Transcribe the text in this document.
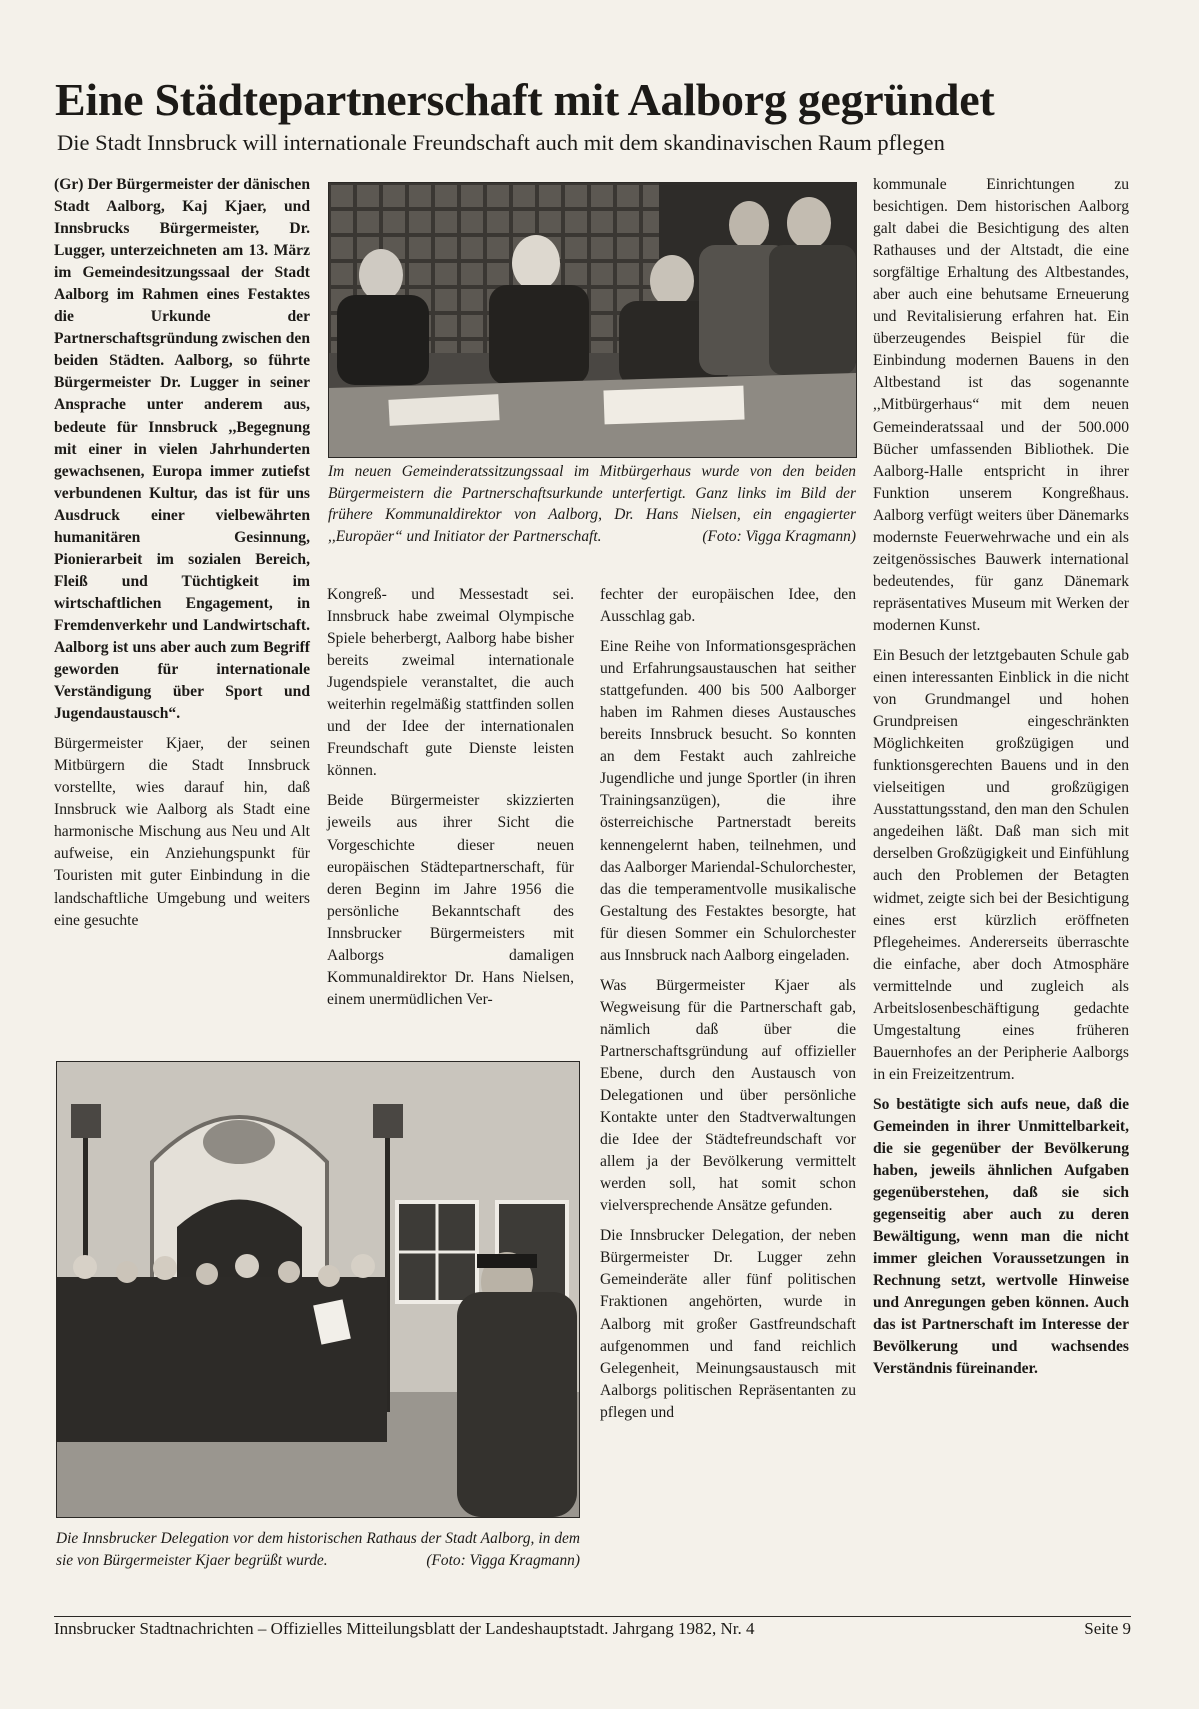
Eine Städtepartnerschaft mit Aalborg gegründet
Die Stadt Innsbruck will internationale Freundschaft auch mit dem skandinavischen Raum pflegen

(Gr) Der Bürgermeister der dänischen Stadt Aalborg, Kaj Kjaer, und Innsbrucks Bürgermeister, Dr. Lugger, unterzeichneten am 13. März im Gemeindesitzungssaal der Stadt Aalborg im Rahmen eines Festaktes die Urkunde der Partnerschaftsgründung zwischen den beiden Städten. Aalborg, so führte Bürgermeister Dr. Lugger in seiner Ansprache unter anderem aus, bedeute für Innsbruck ,,Begegnung mit einer in vielen Jahrhunderten gewachsenen, Europa immer zutiefst verbundenen Kultur, das ist für uns Ausdruck einer vielbewährten humanitären Gesinnung, Pionierarbeit im sozialen Bereich, Fleiß und Tüchtigkeit im wirtschaftlichen Engagement, in Fremdenverkehr und Landwirtschaft. Aalborg ist uns aber auch zum Begriff geworden für internationale Verständigung über Sport und Jugendaustausch“.

Bürgermeister Kjaer, der seinen Mitbürgern die Stadt Innsbruck vorstellte, wies darauf hin, daß Innsbruck wie Aalborg als Stadt eine harmonische Mischung aus Neu und Alt aufweise, ein Anziehungspunkt für Touristen mit guter Einbindung in die landschaftliche Umgebung und weiters eine gesuchte

Im neuen Gemeinderatssitzungssaal im Mitbürgerhaus wurde von den beiden Bürgermeistern die Partnerschaftsurkunde unterfertigt. Ganz links im Bild der frühere Kommunaldirektor von Aalborg, Dr. Hans Nielsen, ein engagierter ,,Europäer“ und Initiator der Partnerschaft.	(Foto: Vigga Kragmann)

Kongreß- und Messestadt sei. Innsbruck habe zweimal Olympische Spiele beherbergt, Aalborg habe bisher bereits zweimal internationale Jugendspiele veranstaltet, die auch weiterhin regelmäßig stattfinden sollen und der Idee der internationalen Freundschaft gute Dienste leisten können.

Beide Bürgermeister skizzierten jeweils aus ihrer Sicht die Vorgeschichte dieser neuen europäischen Städtepartnerschaft, für deren Beginn im Jahre 1956 die persönliche Bekanntschaft des Innsbrucker Bürgermeisters mit Aalborgs damaligen Kommunaldirektor Dr. Hans Nielsen, einem unermüdlichen Ver-

fechter der europäischen Idee, den Ausschlag gab.

Eine Reihe von Informationsgesprächen und Erfahrungsaustauschen hat seither stattgefunden. 400 bis 500 Aalborger haben im Rahmen dieses Austausches bereits Innsbruck besucht. So konnten an dem Festakt auch zahlreiche Jugendliche und junge Sportler (in ihren Trainingsanzügen), die ihre österreichische Partnerstadt bereits kennengelernt haben, teilnehmen, und das Aalborger Mariendal-Schulorchester, das die temperamentvolle musikalische Gestaltung des Festaktes besorgte, hat für diesen Sommer ein Schulorchester aus Innsbruck nach Aalborg eingeladen.

Was Bürgermeister Kjaer als Wegweisung für die Partnerschaft gab, nämlich daß über die Partnerschaftsgründung auf offizieller Ebene, durch den Austausch von Delegationen und über persönliche Kontakte unter den Stadtverwaltungen die Idee der Städtefreundschaft vor allem ja der Bevölkerung vermittelt werden soll, hat somit schon vielversprechende Ansätze gefunden.

Die Innsbrucker Delegation, der neben Bürgermeister Dr. Lugger zehn Gemeinderäte aller fünf politischen Fraktionen angehörten, wurde in Aalborg mit großer Gastfreundschaft aufgenommen und fand reichlich Gelegenheit, Meinungsaustausch mit Aalborgs politischen Repräsentanten zu pflegen und

kommunale Einrichtungen zu besichtigen. Dem historischen Aalborg galt dabei die Besichtigung des alten Rathauses und der Altstadt, die eine sorgfältige Erhaltung des Altbestandes, aber auch eine behutsame Erneuerung und Revitalisierung erfahren hat. Ein überzeugendes Beispiel für die Einbindung modernen Bauens in den Altbestand ist das sogenannte ,,Mitbürgerhaus“ mit dem neuen Gemeinderatssaal und der 500.000 Bücher umfassenden Bibliothek. Die Aalborg-Halle entspricht in ihrer Funktion unserem Kongreßhaus. Aalborg verfügt weiters über Dänemarks modernste Feuerwehrwache und ein als zeitgenössisches Bauwerk international bedeutendes, für ganz Dänemark repräsentatives Museum mit Werken der modernen Kunst.

Ein Besuch der letztgebauten Schule gab einen interessanten Einblick in die nicht von Grundmangel und hohen Grundpreisen eingeschränkten Möglichkeiten großzügigen und funktionsgerechten Bauens und in den vielseitigen und großzügigen Ausstattungsstand, den man den Schulen angedeihen läßt. Daß man sich mit derselben Großzügigkeit und Einfühlung auch den Problemen der Betagten widmet, zeigte sich bei der Besichtigung eines erst kürzlich eröffneten Pflegeheimes. Andererseits überraschte die einfache, aber doch Atmosphäre vermittelnde und zugleich als Arbeitslosenbeschäftigung gedachte Umgestaltung eines früheren Bauernhofes an der Peripherie Aalborgs in ein Freizeitzentrum.

So bestätigte sich aufs neue, daß die Gemeinden in ihrer Unmittelbarkeit, die sie gegenüber der Bevölkerung haben, jeweils ähnlichen Aufgaben gegenüberstehen, daß sie sich gegenseitig aber auch zu deren Bewältigung, wenn man die nicht immer gleichen Voraussetzungen in Rechnung setzt, wertvolle Hinweise und Anregungen geben können. Auch das ist Partnerschaft im Interesse der Bevölkerung und wachsendes Verständnis füreinander.

Die Innsbrucker Delegation vor dem historischen Rathaus der Stadt Aalborg, in dem sie von Bürgermeister Kjaer begrüßt wurde.	(Foto: Vigga Kragmann)
Innsbrucker Stadtnachrichten – Offizielles Mitteilungsblatt der Landeshauptstadt. Jahrgang 1982, Nr. 4	Seite 9
